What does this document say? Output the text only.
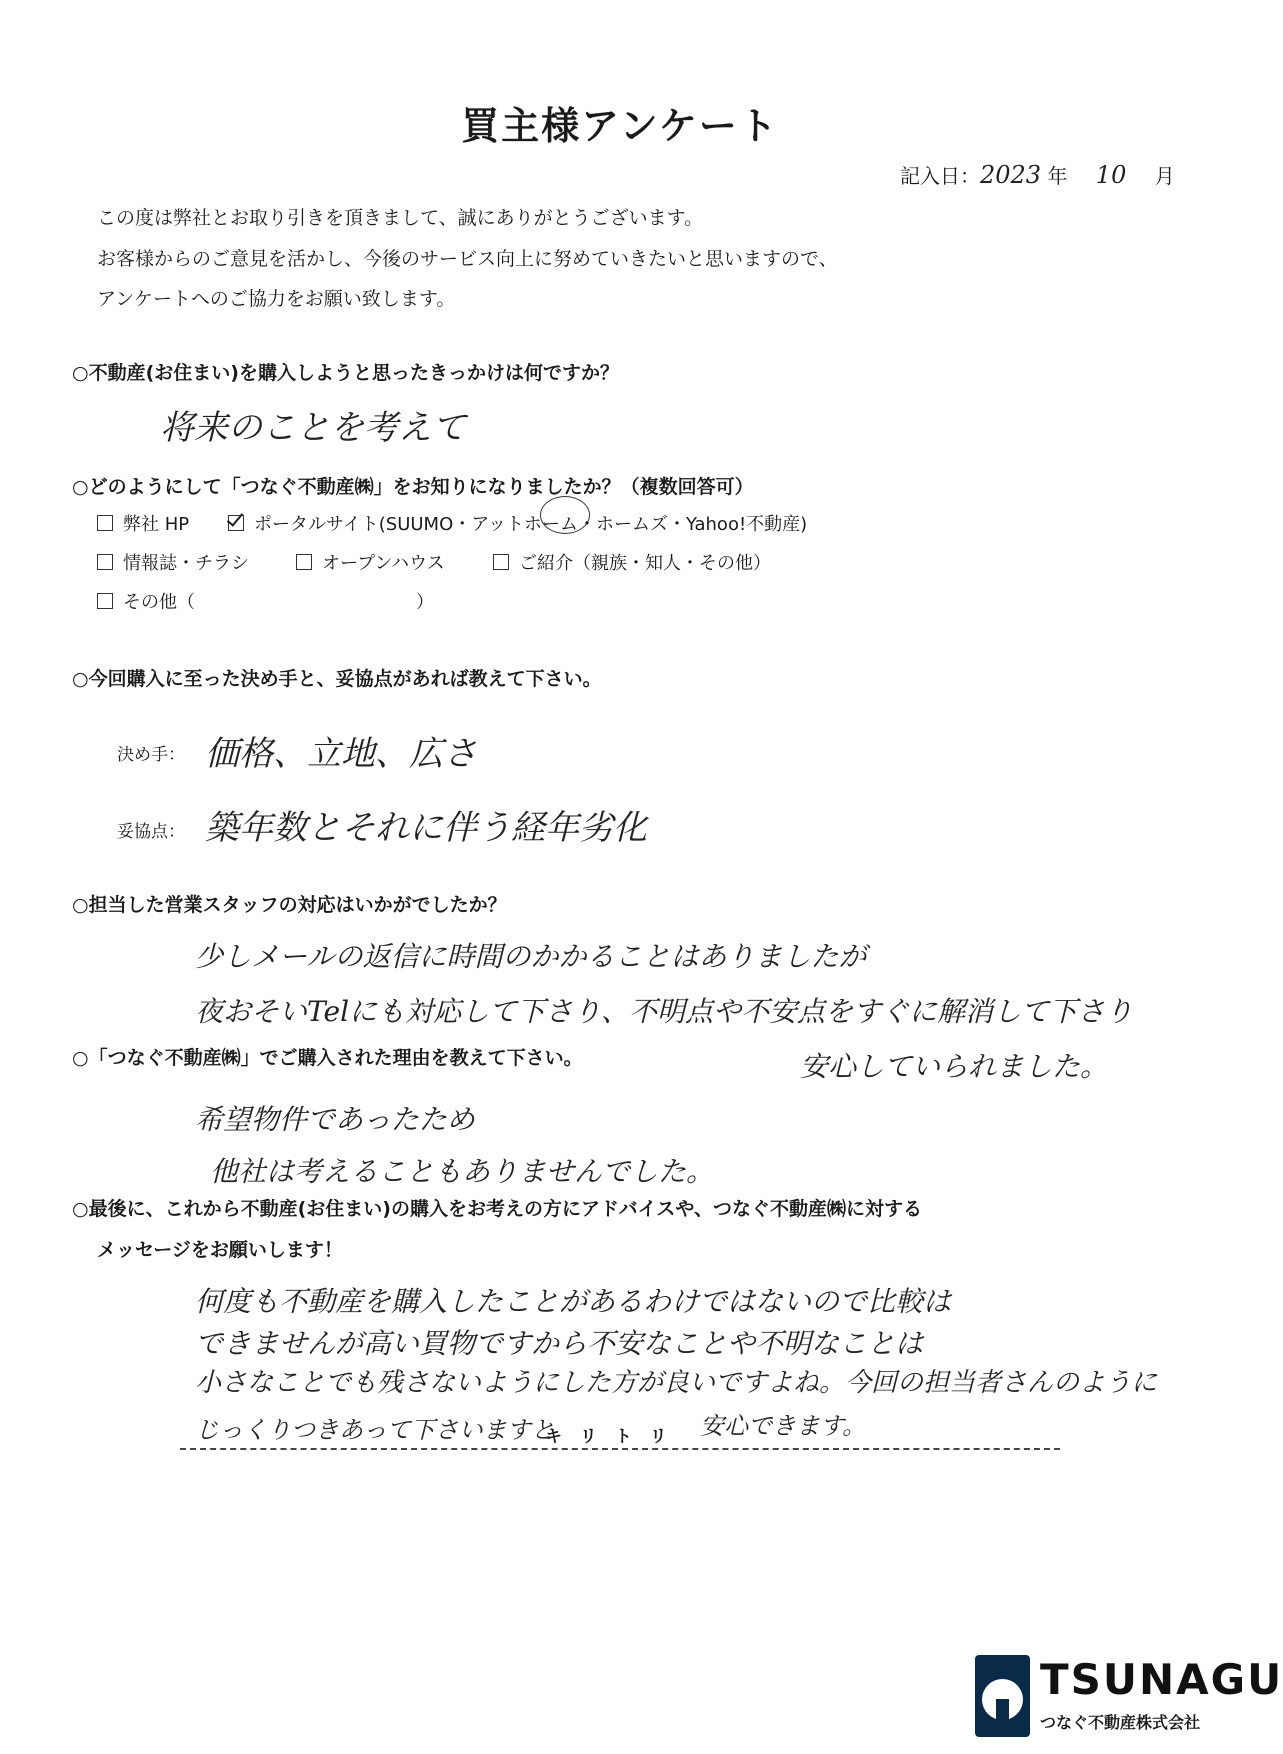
買主様アンケート
記入日：2023 年 10 月
この度は弊社とお取り引きを頂きまして、誠にありがとうございます。
お客様からのご意見を活かし、今後のサービス向上に努めていきたいと思いますので、
アンケートへのご協力をお願い致します。
○不動産(お住まい)を購入しようと思ったきっかけは何ですか？
将来のことを考えて
○どのようにして「つなぐ不動産㈱」をお知りになりましたか？（複数回答可）
弊社 HP	ポータルサイト(SUUMO・アットホーム・ホームズ・Yahoo!不動産)
情報誌・チラシ	オープンハウス	ご紹介（親族・知人・その他）
その他（	）
○今回購入に至った決め手と、妥協点があれば教えて下さい。
決め手： 価格、立地、広さ
妥協点： 築年数とそれに伴う経年劣化
○担当した営業スタッフの対応はいかがでしたか？
少しメールの返信に時間のかかることはありましたが
夜おそいTelにも対応して下さり、不明点や不安点をすぐに解消して下さり
安心していられました。
○「つなぐ不動産㈱」でご購入された理由を教えて下さい。
希望物件であったため
他社は考えることもありませんでした。
○最後に、これから不動産(お住まい)の購入をお考えの方にアドバイスや、つなぐ不動産㈱に対する
メッセージをお願いします！
何度も不動産を購入したことがあるわけではないので比較は
できませんが高い買物ですから不安なことや不明なことは
小さなことでも残さないようにした方が良いですよね。今回の担当者さんのように
じっくりつきあって下さいますと
キ リ ト リ 安心できます。
TSUNAGU
つなぐ不動産株式会社
